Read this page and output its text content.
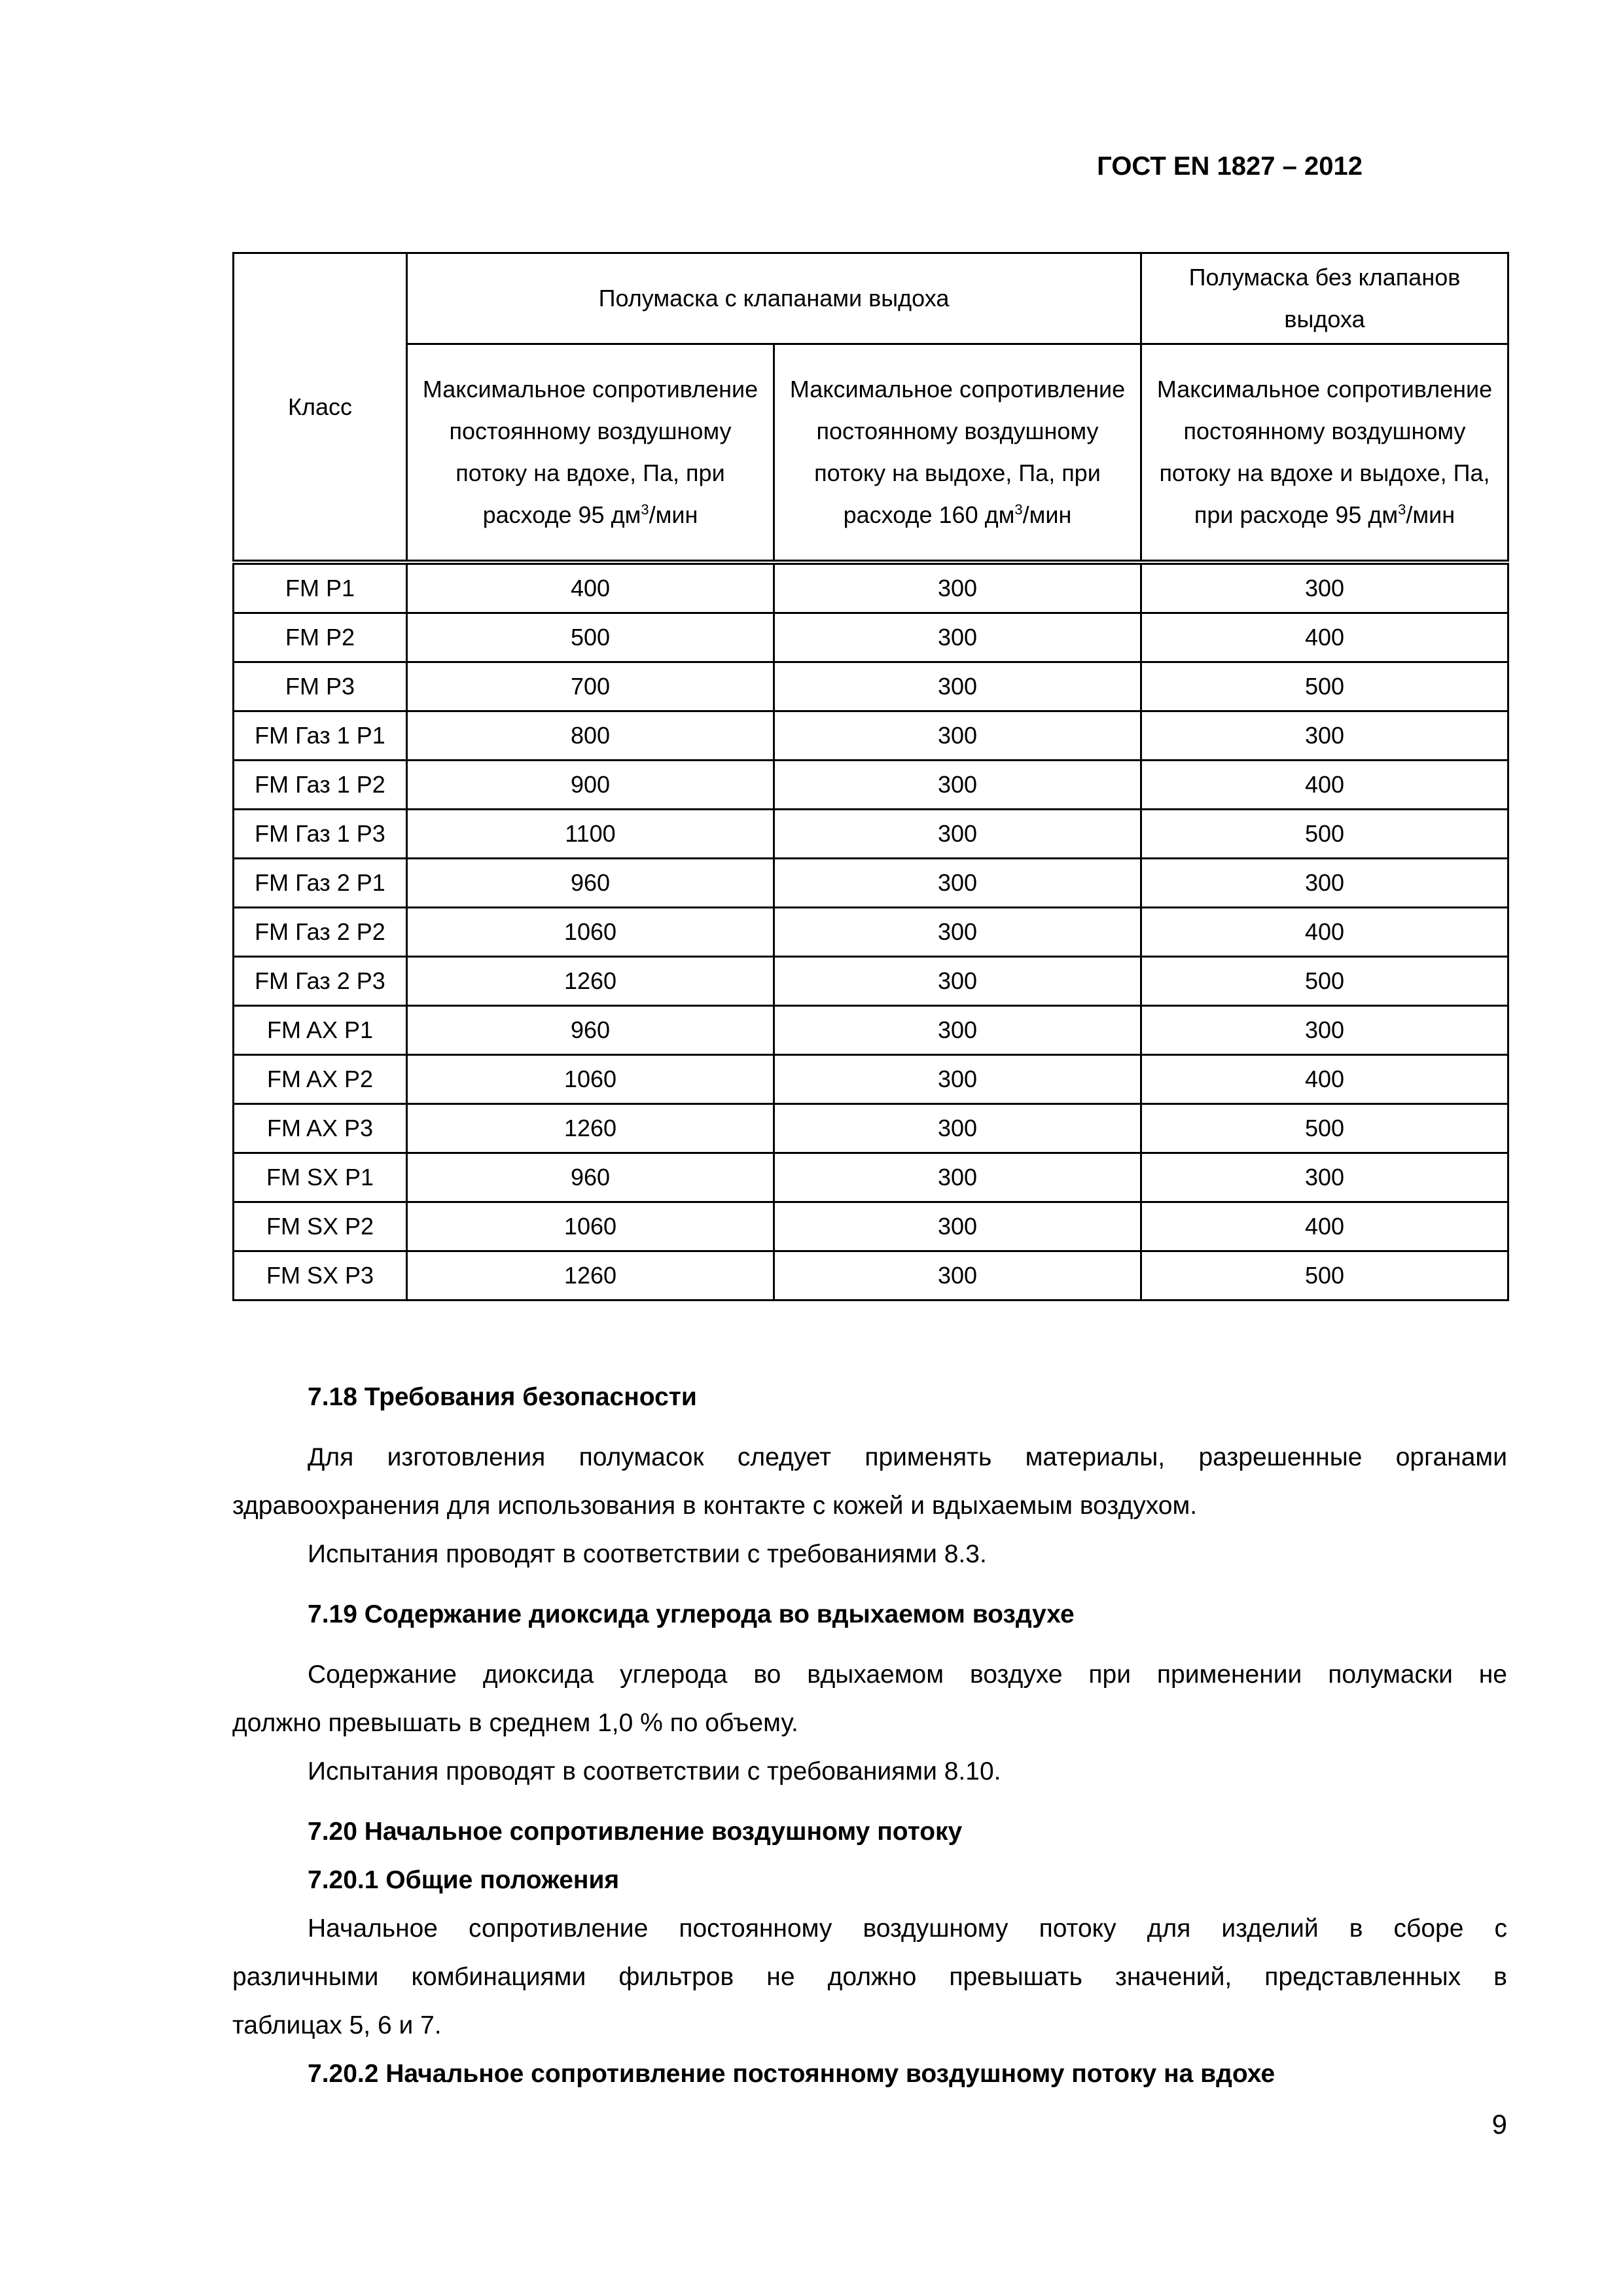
ГОСТ EN 1827 – 2012
Класс	Полумаска с клапанами выдоха		Полумаска без клапанов выдоха
	Максимальное сопротивление постоянному воздушному потоку на вдохе, Па, при расходе 95 $дм^3$/мин	Максимальное сопротивление постоянному воздушному потоку на выдохе, Па, при расходе 160 $дм^3$/мин	Максимальное сопротивление постоянному воздушному потоку на вдохе и выдохе, Па, при расходе 95 $дм^3$/мин
FM P1	400	300	300
FM P2	500	300	400
FM P3	700	300	500
FM Газ 1 P1	800	300	300
FM Газ 1 P2	900	300	400
FM Газ 1 P3	1100	300	500
FM Газ 2 P1	960	300	300
FM Газ 2 P2	1060	300	400
FM Газ 2 P3	1260	300	500
FM AX P1	960	300	300
FM AX P2	1060	300	400
FM AX P3	1260	300	500
FM SX P1	960	300	300
FM SX P2	1060	300	400
FM SX P3	1260	300	500
7.18 Требования безопасности
Для изготовления полумасок следует применять материалы, разрешенные органами
здравоохранения для использования в контакте с кожей и вдыхаемым воздухом.
Испытания проводят в соответствии с требованиями 8.3.
7.19 Содержание диоксида углерода во вдыхаемом воздухе
Содержание диоксида углерода во вдыхаемом воздухе при применении полумаски не
должно превышать в среднем 1,0 % по объему.
Испытания проводят в соответствии с требованиями 8.10.
7.20 Начальное сопротивление воздушному потоку
7.20.1 Общие положения
Начальное сопротивление постоянному воздушному потоку для изделий в сборе с
различными комбинациями фильтров не должно превышать значений, представленных в
таблицах 5, 6 и 7.
7.20.2 Начальное сопротивление постоянному воздушному потоку на вдохе
9
